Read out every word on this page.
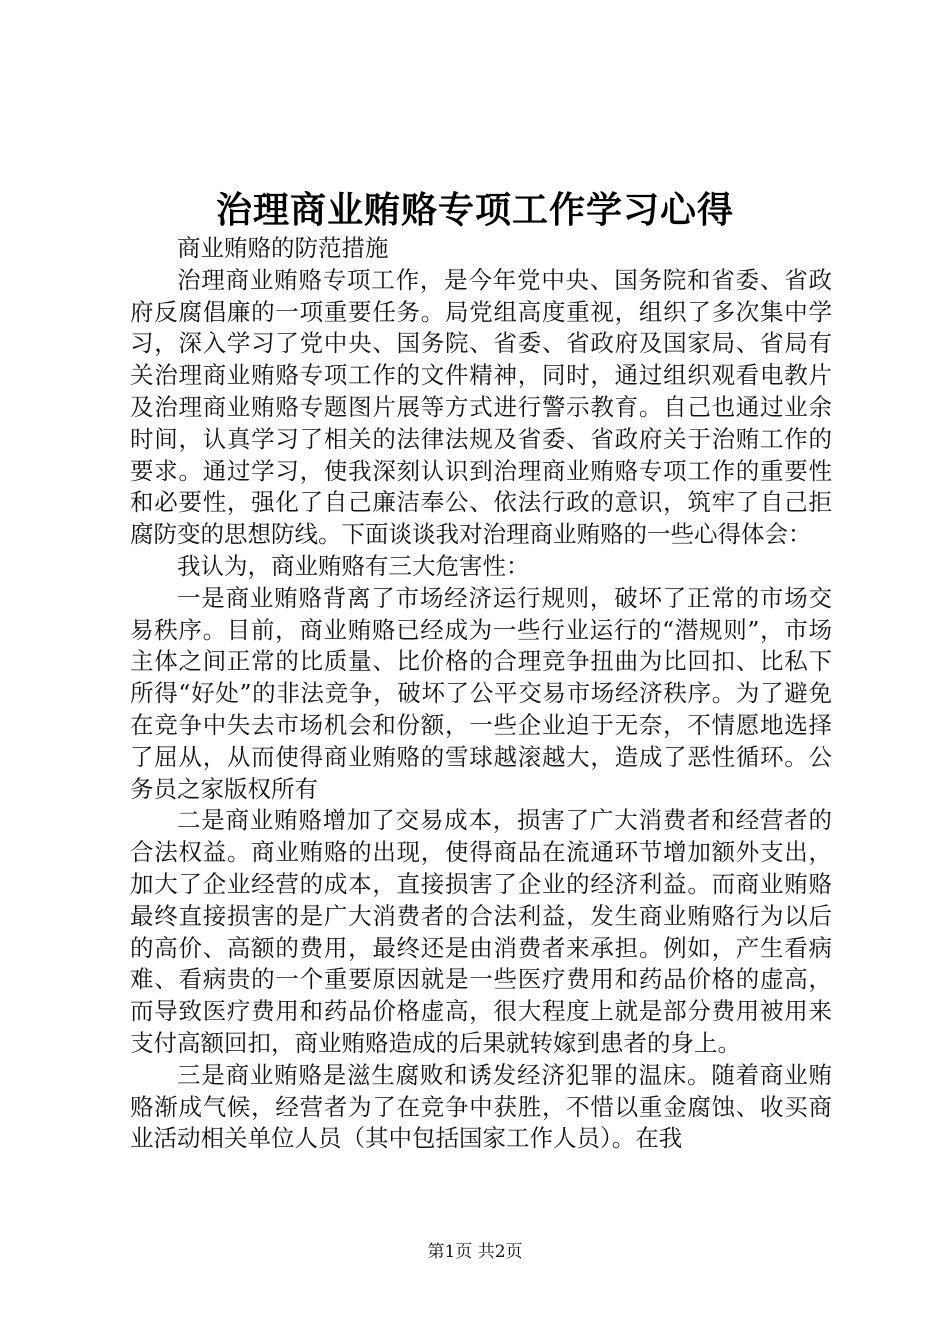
治理商业贿赂专项工作学习心得

商业贿赂的防范措施

治理商业贿赂专项工作，是今年党中央、国务院和省委、省政府反腐倡廉的一项重要任务。局党组高度重视，组织了多次集中学习，深入学习了党中央、国务院、省委、省政府及国家局、省局有关治理商业贿赂专项工作的文件精神，同时，通过组织观看电教片及治理商业贿赂专题图片展等方式进行警示教育。自己也通过业余时间，认真学习了相关的法律法规及省委、省政府关于治贿工作的要求。通过学习，使我深刻认识到治理商业贿赂专项工作的重要性和必要性，强化了自己廉洁奉公、依法行政的意识，筑牢了自己拒腐防变的思想防线。下面谈谈我对治理商业贿赂的一些心得体会：

我认为，商业贿赂有三大危害性：

一是商业贿赂背离了市场经济运行规则，破坏了正常的市场交易秩序。目前，商业贿赂已经成为一些行业运行的“潜规则”，市场主体之间正常的比质量、比价格的合理竞争扭曲为比回扣、比私下所得“好处”的非法竞争，破坏了公平交易市场经济秩序。为了避免在竞争中失去市场机会和份额，一些企业迫于无奈，不情愿地选择了屈从，从而使得商业贿赂的雪球越滚越大，造成了恶性循环。公务员之家版权所有

二是商业贿赂增加了交易成本，损害了广大消费者和经营者的合法权益。商业贿赂的出现，使得商品在流通环节增加额外支出，加大了企业经营的成本，直接损害了企业的经济利益。而商业贿赂最终直接损害的是广大消费者的合法利益，发生商业贿赂行为以后的高价、高额的费用，最终还是由消费者来承担。例如，产生看病难、看病贵的一个重要原因就是一些医疗费用和药品价格的虚高，而导致医疗费用和药品价格虚高，很大程度上就是部分费用被用来支付高额回扣，商业贿赂造成的后果就转嫁到患者的身上。

三是商业贿赂是滋生腐败和诱发经济犯罪的温床。随着商业贿赂渐成气候，经营者为了在竞争中获胜，不惜以重金腐蚀、收买商业活动相关单位人员（其中包括国家工作人员）。在我

第1页 共2页
